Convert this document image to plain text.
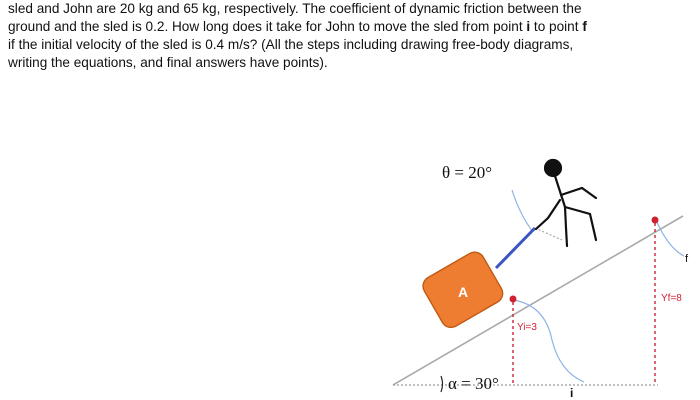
sled and John are 20 kg and 65 kg, respectively. The coefficient of dynamic friction between the
ground and the sled is 0.2. How long does it take for John to move the sled from point i to point f
if the initial velocity of the sled is 0.4 m/s? (All the steps including drawing free-body diagrams,
writing the equations, and final answers have points).
α = 30°
θ = 20°
A
Yi=3
i
Yf=8
f
